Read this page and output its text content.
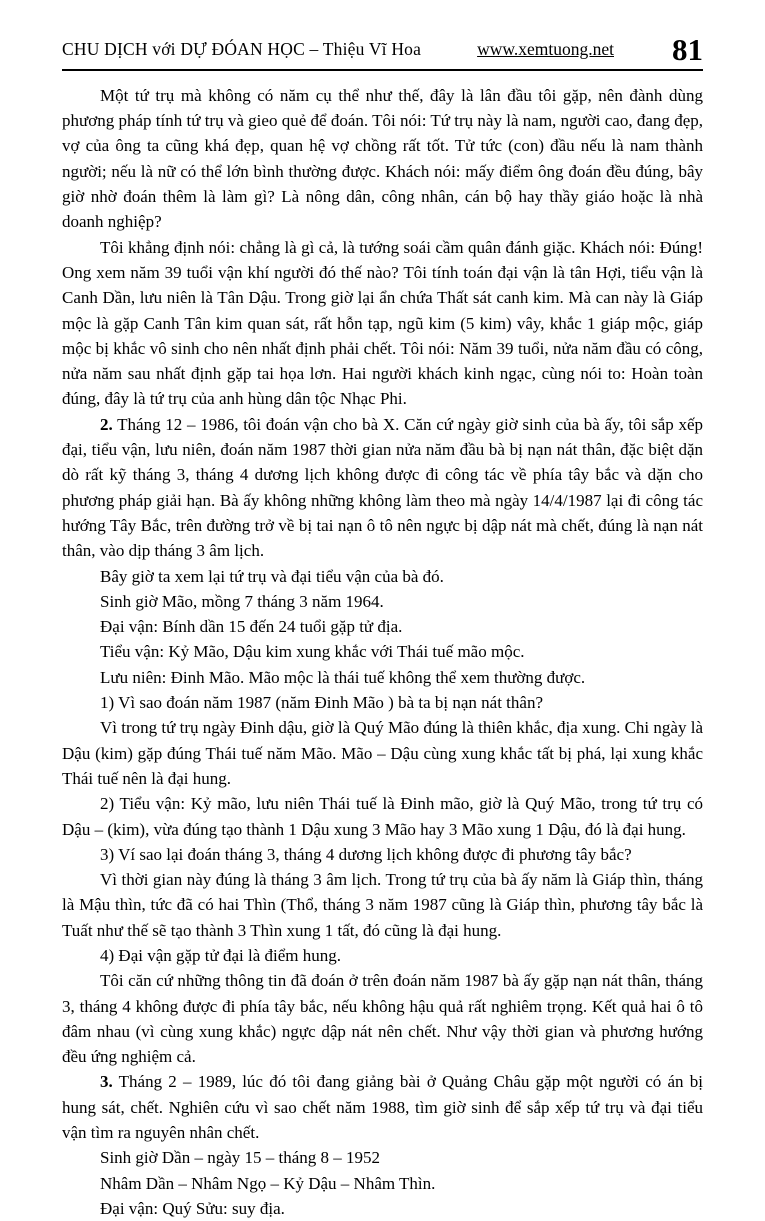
CHU DỊCH với DỰ ĐÓAN HỌC – Thiệu Vĩ Hoa	www.xemtuong.net 81

Một tứ trụ mà không có năm cụ thể như thế, đây là lân đầu tôi gặp, nên đành dùng phương pháp tính tứ trụ và gieo quẻ để đoán. Tôi nói: Tứ trụ này là nam, người cao, đang đẹp, vợ của ông ta cũng khá đẹp, quan hệ vợ chồng rất tốt. Tử tức (con) đầu nếu là nam thành người; nếu là nữ có thể lớn bình thường được. Khách nói: mấy điểm ông đoán đều đúng, bây giờ nhờ đoán thêm là làm gì? Là nông dân, công nhân, cán bộ hay thầy giáo hoặc là nhà doanh nghiệp?

Tôi khẳng định nói: chẳng là gì cả, là tướng soái cầm quân đánh giặc. Khách nói: Đúng! Ong xem năm 39 tuổi vận khí người đó thế nào? Tôi tính toán đại vận là tân Hợi, tiểu vận là Canh Dần, lưu niên là Tân Dậu. Trong giờ lại ẩn chứa Thất sát canh kim. Mà can này là Giáp mộc là gặp Canh Tân kim quan sát, rất hỗn tạp, ngũ kim (5 kim) vây, khắc 1 giáp mộc, giáp mộc bị khắc vô sinh cho nên nhất định phải chết. Tôi nói: Năm 39 tuổi, nửa năm đầu có công, nửa năm sau nhất định gặp tai họa lơn. Hai người khách kinh ngạc, cùng nói to: Hoàn toàn đúng, đây là tứ trụ của anh hùng dân tộc Nhạc Phi.

2. Tháng 12 – 1986, tôi đoán vận cho bà X. Căn cứ ngày giờ sinh của bà ấy, tôi sắp xếp đại, tiểu vận, lưu niên, đoán năm 1987 thời gian nửa năm đầu bà bị nạn nát thân, đặc biệt dặn dò rất kỹ tháng 3, tháng 4 dương lịch không được đi công tác về phía tây bắc và dặn cho phương pháp giải hạn. Bà ấy không những không làm theo mà ngày 14/4/1987 lại đi công tác hướng Tây Bắc, trên đường trở về bị tai nạn ô tô nên ngực bị dập nát mà chết, đúng là nạn nát thân, vào dịp tháng 3 âm lịch.

Bây giờ ta xem lại tứ trụ và đại tiểu vận của bà đó.

Sinh giờ Mão, mồng 7 tháng 3 năm 1964.

Đại vận: Bính dần 15 đến 24 tuổi gặp tử địa.

Tiểu vận: Kỷ Mão, Dậu kim xung khắc với Thái tuế mão mộc.

Lưu niên: Đinh Mão. Mão mộc là thái tuế không thể xem thường được.

1) Vì sao đoán năm 1987 (năm Đinh Mão ) bà ta bị nạn nát thân?

Vì trong tứ trụ ngày Đinh dậu, giờ là Quý Mão đúng là thiên khắc, địa xung. Chi ngày là Dậu (kim) gặp đúng Thái tuế năm Mão. Mão – Dậu cùng xung khắc tất bị phá, lại xung khắc Thái tuế nên là đại hung.

2) Tiểu vận: Kỷ mão, lưu niên Thái tuế là Đinh mão, giờ là Quý Mão, trong tứ trụ có Dậu – (kim), vừa đúng tạo thành 1 Dậu xung 3 Mão hay 3 Mão xung 1 Dậu, đó là đại hung.

3) Ví sao lại đoán tháng 3, tháng 4 dương lịch không được đi phương tây bắc?

Vì thời gian này đúng là tháng 3 âm lịch. Trong tứ trụ của bà ấy năm là Giáp thìn, tháng là Mậu thìn, tức đã có hai Thìn (Thổ, tháng 3 năm 1987 cũng là Giáp thìn, phương tây bắc là Tuất như thế sẽ tạo thành 3 Thìn xung 1 tất, đó cũng là đại hung.

4) Đại vận gặp tử đại là điểm hung.

Tôi căn cứ những thông tin đã đoán ở trên đoán năm 1987 bà ấy gặp nạn nát thân, tháng 3, tháng 4 không được đi phía tây bắc, nếu không hậu quả rất nghiêm trọng. Kết quả hai ô tô đâm nhau (vì cùng xung khắc) ngực dập nát nên chết. Như vậy thời gian và phương hướng đều ứng nghiệm cả.

3. Tháng 2 – 1989, lúc đó tôi đang giảng bài ở Quảng Châu gặp một người có án bị hung sát, chết. Nghiên cứu vì sao chết năm 1988, tìm giờ sinh để sắp xếp tứ trụ và đại tiểu vận tìm ra nguyên nhân chết.

Sinh giờ Dần – ngày 15 – tháng 8 – 1952

Nhâm Dần – Nhâm Ngọ – Kỷ Dậu – Nhâm Thìn.

Đại vận: Quý Sửu: suy địa.
